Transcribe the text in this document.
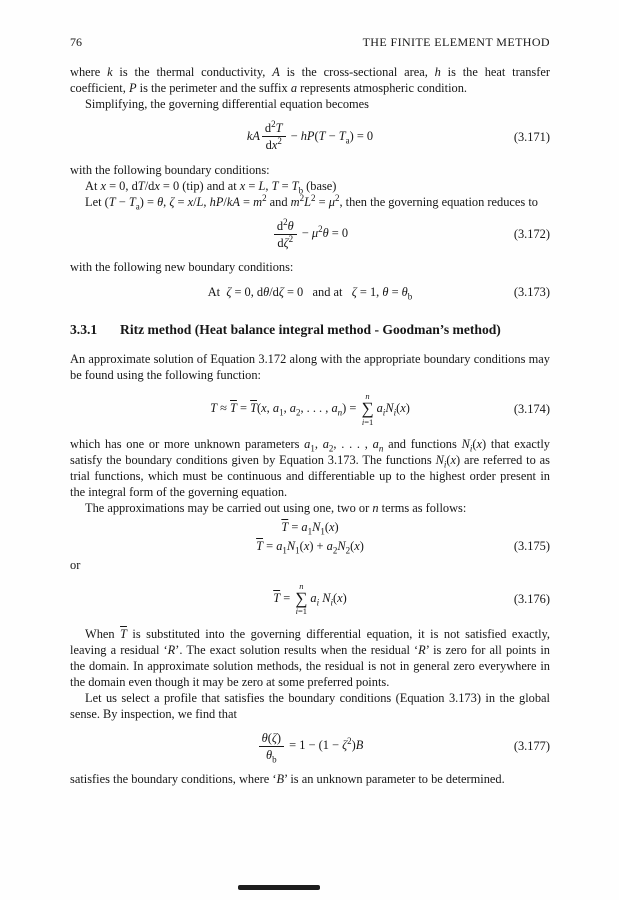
76	THE FINITE ELEMENT METHOD

where k is the thermal conductivity, A is the cross-sectional area, h is the heat transfer coefficient, P is the perimeter and the suffix a represents atmospheric condition.

Simplifying, the governing differential equation becomes

kA $\frac{d^2T}{dx^2} - hP(T - T_a) = 0$	(3.171)

with the following boundary conditions:

At x = 0, dT/dx = 0 (tip) and at x = L, $T = T_b$ (base)

Let $(T - T_a) = \theta$, ζ = x/L, $hP/kA = m^2$ and $m^2L^2 = \mu^2$, then the governing equation reduces to

$\frac{d^2\theta}{d\zeta^2} - \mu^2\theta = 0$	(3.172)

with the following new boundary conditions:

At  ζ = 0, dθ/dζ = 0   and at   ζ = 1, $\theta = \theta_b$	(3.173)
3.3.1	Ritz method (Heat balance integral method - Goodman’s method)

An approximate solution of Equation 3.172 along with the appropriate boundary conditions may be found using the following function:

$T \approx \overline{T} = \overline{T}(x$, $a_1$, $a_2$, . . . , $a_n$) =
n
∑
i=1
$a_iN_i(x)$	(3.174)

which has one or more unknown parameters $a_1$, $a_2$, . . . , $a_n$ and functions $N_i(x)$ that exactly satisfy the boundary conditions given by Equation 3.173. The functions $N_i(x)$ are referred to as trial functions, which must be continuous and differentiable up to the highest order present in the integral form of the governing equation.

The approximations may be carried out using one, two or n terms as follows:

$\overline{T} = a_1N_1(x)$
$\overline{T} = a_1N_1(x) + a_2N_2(x)$	(3.175)

or

$\overline{T}$ =
n
∑
i=1
$a_i$ $N_i(x)$	(3.176)

When $\overline{T}$ is substituted into the governing differential equation, it is not satisfied exactly, leaving a residual ‘R’. The exact solution results when the residual ‘R’ is zero for all points in the domain. In approximate solution methods, the residual is not in general zero everywhere in the domain even though it may be zero at some preferred points.

Let us select a profile that satisfies the boundary conditions (Equation 3.173) in the global sense. By inspection, we find that

$\frac{\theta(\zeta)}{\theta_b} = 1 - (1 - \zeta^2)B$	(3.177)

satisfies the boundary conditions, where ‘B’ is an unknown parameter to be determined.
